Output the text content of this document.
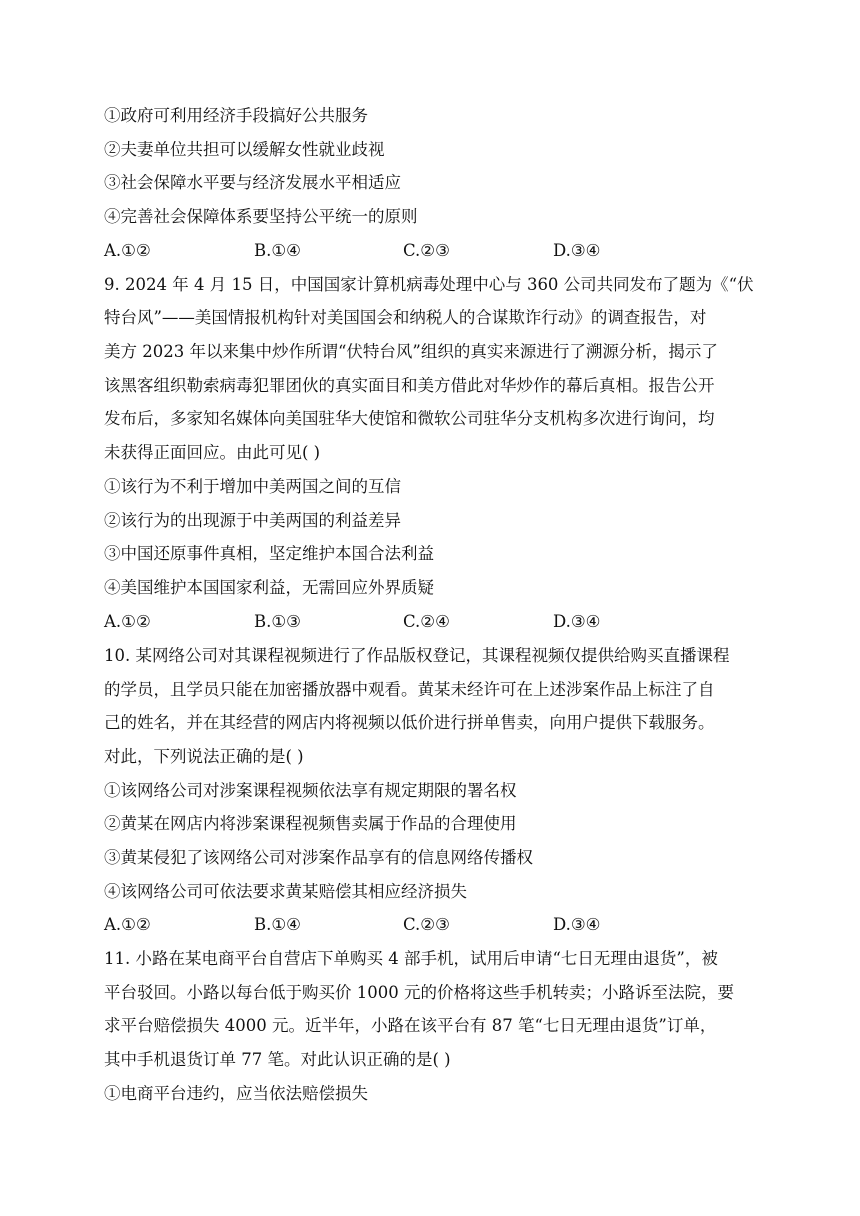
①政府可利用经济手段搞好公共服务
②夫妻单位共担可以缓解女性就业歧视
③社会保障水平要与经济发展水平相适应
④完善社会保障体系要坚持公平统一的原则
A.①②	B.①④	C.②③	D.③④
9. 2024 年 4 月 15 日，中国国家计算机病毒处理中心与 360 公司共同发布了题为《“伏
特台风”——美国情报机构针对美国国会和纳税人的合谋欺诈行动》的调查报告，对
美方 2023 年以来集中炒作所谓“伏特台风”组织的真实来源进行了溯源分析，揭示了
该黑客组织勒索病毒犯罪团伙的真实面目和美方借此对华炒作的幕后真相。报告公开
发布后，多家知名媒体向美国驻华大使馆和微软公司驻华分支机构多次进行询问，均
未获得正面回应。由此可见( )
①该行为不利于增加中美两国之间的互信
②该行为的出现源于中美两国的利益差异
③中国还原事件真相，坚定维护本国合法利益
④美国维护本国国家利益，无需回应外界质疑
A.①②	B.①③	C.②④	D.③④
10. 某网络公司对其课程视频进行了作品版权登记，其课程视频仅提供给购买直播课程
的学员，且学员只能在加密播放器中观看。黄某未经许可在上述涉案作品上标注了自
己的姓名，并在其经营的网店内将视频以低价进行拼单售卖，向用户提供下载服务。
对此，下列说法正确的是( )
①该网络公司对涉案课程视频依法享有规定期限的署名权
②黄某在网店内将涉案课程视频售卖属于作品的合理使用
③黄某侵犯了该网络公司对涉案作品享有的信息网络传播权
④该网络公司可依法要求黄某赔偿其相应经济损失
A.①②	B.①④	C.②③	D.③④
11. 小路在某电商平台自营店下单购买 4 部手机，试用后申请“七日无理由退货”，被
平台驳回。小路以每台低于购买价 1000 元的价格将这些手机转卖；小路诉至法院，要
求平台赔偿损失 4000 元。近半年，小路在该平台有 87 笔“七日无理由退货”订单，
其中手机退货订单 77 笔。对此认识正确的是( )
①电商平台违约，应当依法赔偿损失
